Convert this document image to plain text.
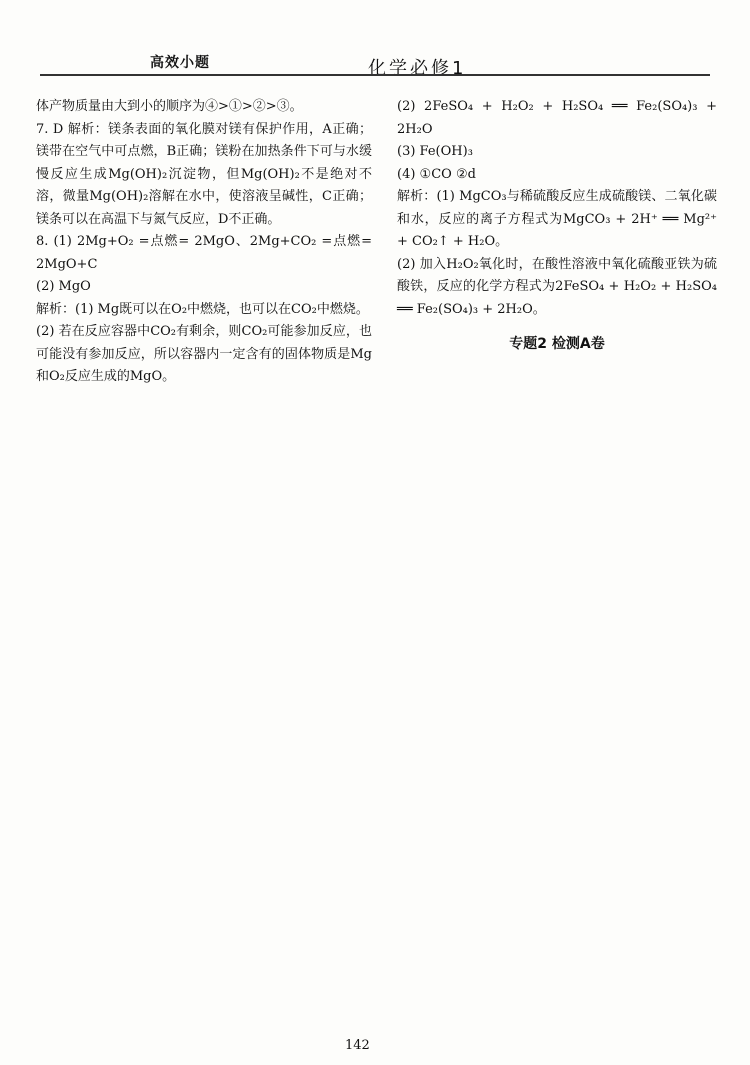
高效小题	化学必修1

体产物质量由大到小的顺序为④>①>②>③。

7. D 解析：镁条表面的氧化膜对镁有保护作用，A正确；镁带在空气中可点燃，B正确；镁粉在加热条件下可与水缓慢反应生成Mg(OH)₂沉淀物，但Mg(OH)₂不是绝对不溶，微量Mg(OH)₂溶解在水中，使溶液呈碱性，C正确；镁条可以在高温下与氮气反应，D不正确。

8. (1) 2Mg+O₂ =点燃= 2MgO、2Mg+CO₂ =点燃= 2MgO+C

(2) MgO

解析：(1) Mg既可以在O₂中燃烧，也可以在CO₂中燃烧。

(2) 若在反应容器中CO₂有剩余，则CO₂可能参加反应，也可能没有参加反应，所以容器内一定含有的固体物质是Mg和O₂反应生成的MgO。

(2) 2FeSO₄ + H₂O₂ + H₂SO₄ ══ Fe₂(SO₄)₃ + 2H₂O

(3) Fe(OH)₃

(4) ①CO ②d

解析：(1) MgCO₃与稀硫酸反应生成硫酸镁、二氧化碳和水，反应的离子方程式为MgCO₃ + 2H⁺ ══ Mg²⁺ + CO₂↑ + H₂O。

(2) 加入H₂O₂氧化时，在酸性溶液中氧化硫酸亚铁为硫酸铁，反应的化学方程式为2FeSO₄ + H₂O₂ + H₂SO₄ ══ Fe₂(SO₄)₃ + 2H₂O。

专题2 检测A卷

142
